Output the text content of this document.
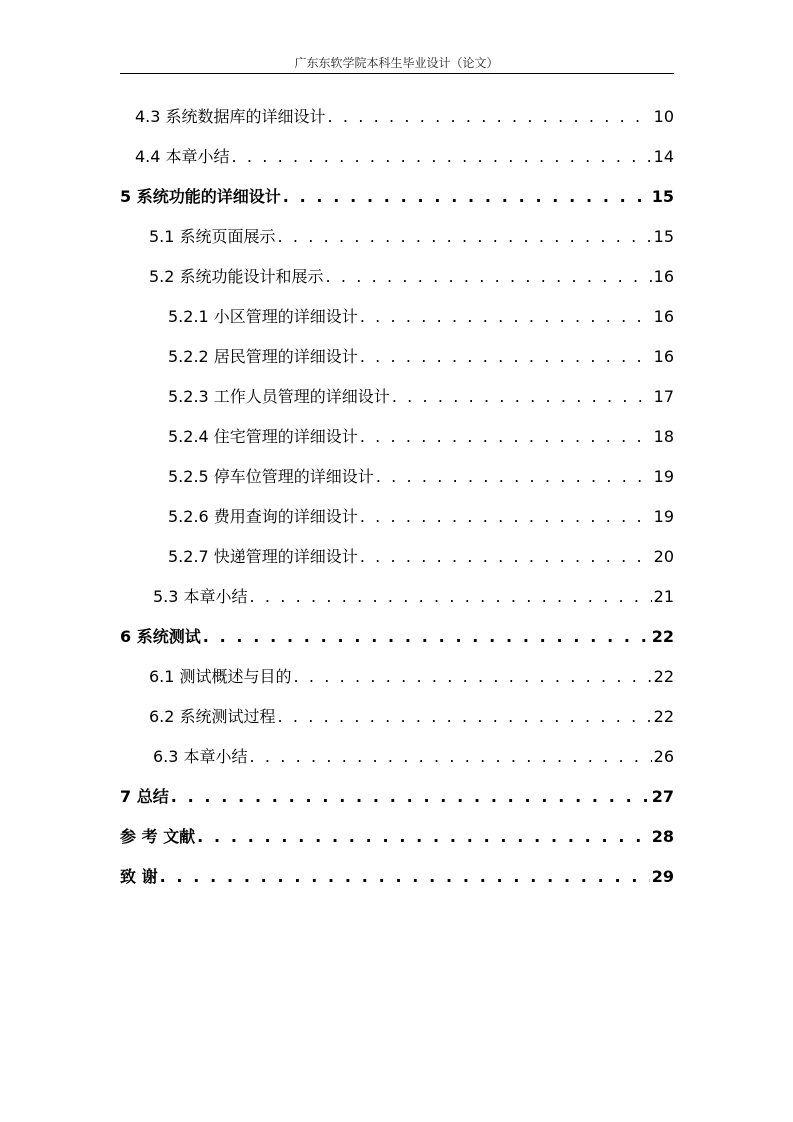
广东东软学院本科生毕业设计（论文）
4.3 系统数据库的详细设计 . . .	10
4.4 本章小结 . . .	14
5 系统功能的详细设计 . . .	15
5.1 系统页面展示 . . .	15
5.2 系统功能设计和展示 . . .	16
5.2.1 小区管理的详细设计 . . .	16
5.2.2 居民管理的详细设计 . . .	16
5.2.3 工作人员管理的详细设计 . . .	17
5.2.4 住宅管理的详细设计 . . .	18
5.2.5 停车位管理的详细设计 . . .	19
5.2.6 费用查询的详细设计 . . .	19
5.2.7 快递管理的详细设计 . . .	20
5.3 本章小结 . . .	21
6 系统测试 . . .	22
6.1 测试概述与目的 . . .	22
6.2 系统测试过程 . . .	22
6.3 本章小结 . . .	26
7 总结 . . .	27
参 考 文献 . . .	28
致 谢 . . .	29
